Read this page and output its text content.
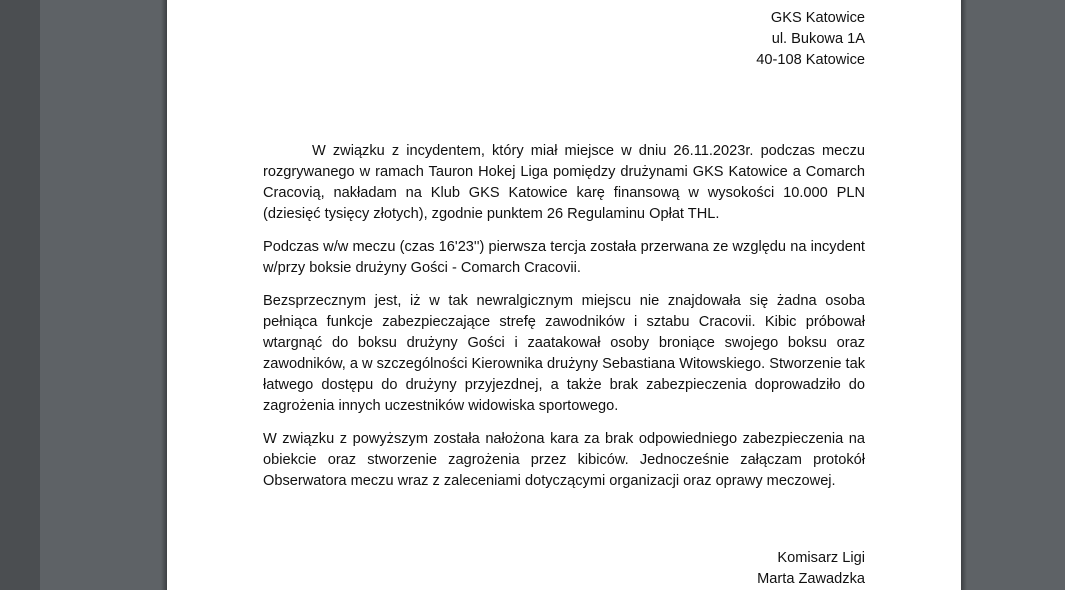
GKS Katowice
ul. Bukowa 1A
40-108 Katowice

W związku z incydentem, który miał miejsce w dniu 26.11.2023r. podczas meczu rozgrywanego w ramach Tauron Hokej Liga pomiędzy drużynami GKS Katowice a Comarch Cracovią, nakładam na Klub GKS Katowice karę finansową w wysokości 10.000 PLN (dziesięć tysięcy złotych), zgodnie punktem 26 Regulaminu Opłat THL.

Podczas w/w meczu (czas 16'23'') pierwsza tercja została przerwana ze względu na incydent w/przy boksie drużyny Gości - Comarch Cracovii.

Bezsprzecznym jest, iż w tak newralgicznym miejscu nie znajdowała się żadna osoba pełniąca funkcje zabezpieczające strefę zawodników i sztabu Cracovii. Kibic próbował wtargnąć do boksu drużyny Gości i zaatakował osoby broniące swojego boksu oraz zawodników, a w szczególności Kierownika drużyny Sebastiana Witowskiego. Stworzenie tak łatwego dostępu do drużyny przyjezdnej, a także brak zabezpieczenia doprowadziło do zagrożenia innych uczestników widowiska sportowego.

W związku z powyższym została nałożona kara za brak odpowiedniego zabezpieczenia na obiekcie oraz stworzenie zagrożenia przez kibiców. Jednocześnie załączam protokół Obserwatora meczu wraz z zaleceniami dotyczącymi organizacji oraz oprawy meczowej.

Komisarz Ligi
Marta Zawadzka
